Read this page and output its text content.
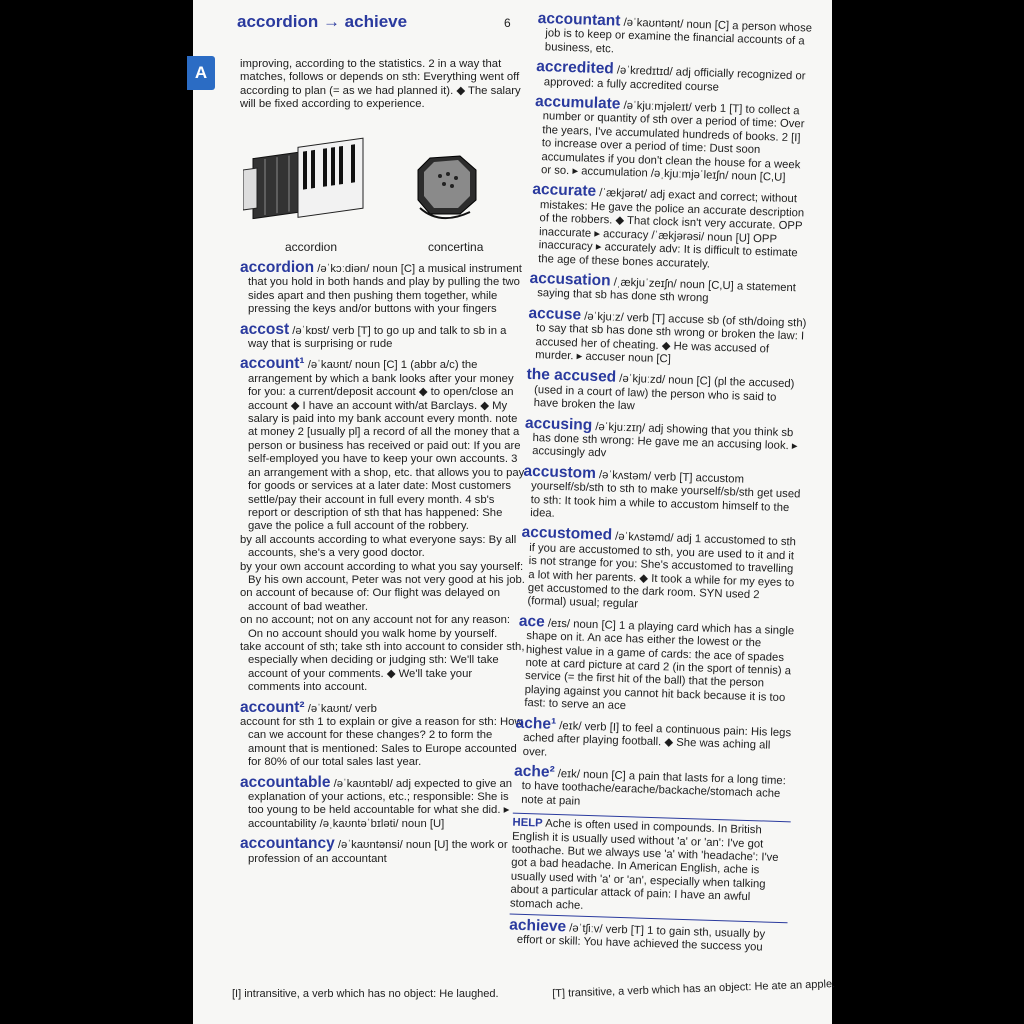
A
accordion → achieve	6
improving, according to the statistics. 2 in a way that matches, follows or depends on sth: Everything went off according to plan (= as we had planned it). ◆ The salary will be fixed according to experience.
accordion	concertina
accordion /əˈkɔːdiən/ noun [C] a musical instrument that you hold in both hands and play by pulling the two sides apart and then pushing them together, while pressing the keys and/or buttons with your fingers
accost /əˈkɒst/ verb [T] to go up and talk to sb in a way that is surprising or rude
account¹ /əˈkaʊnt/ noun [C] 1 (abbr a/c) the arrangement by which a bank looks after your money for you: a current/deposit account ◆ to open/close an account ◆ I have an account with/at Barclays. ◆ My salary is paid into my bank account every month. note at money 2 [usually pl] a record of all the money that a person or business has received or paid out: If you are self-employed you have to keep your own accounts. 3 an arrangement with a shop, etc. that allows you to pay for goods or services at a later date: Most customers settle/pay their account in full every month. 4 sb's report or description of sth that has happened: She gave the police a full account of the robbery.
by all accounts according to what everyone says: By all accounts, she's a very good doctor.
by your own account according to what you say yourself: By his own account, Peter was not very good at his job.
on account of because of: Our flight was delayed on account of bad weather.
on no account; not on any account not for any reason: On no account should you walk home by yourself.
take account of sth; take sth into account to consider sth, especially when deciding or judging sth: We'll take account of your comments. ◆ We'll take your comments into account.
account² /əˈkaʊnt/ verb
account for sth 1 to explain or give a reason for sth: How can we account for these changes? 2 to form the amount that is mentioned: Sales to Europe accounted for 80% of our total sales last year.
accountable /əˈkaʊntəbl/ adj expected to give an explanation of your actions, etc.; responsible: She is too young to be held accountable for what she did. ▸ accountability /əˌkaʊntəˈbɪləti/ noun [U]
accountancy /əˈkaʊntənsi/ noun [U] the work or profession of an accountant
accountant /əˈkaʊntənt/ noun [C] a person whose job is to keep or examine the financial accounts of a business, etc.
accredited /əˈkredɪtɪd/ adj officially recognized or approved: a fully accredited course
accumulate /əˈkjuːmjəleɪt/ verb 1 [T] to collect a number or quantity of sth over a period of time: Over the years, I've accumulated hundreds of books. 2 [I] to increase over a period of time: Dust soon accumulates if you don't clean the house for a week or so. ▸ accumulation /əˌkjuːmjəˈleɪʃn/ noun [C,U]
accurate /ˈækjərət/ adj exact and correct; without mistakes: He gave the police an accurate description of the robbers. ◆ That clock isn't very accurate. OPP inaccurate ▸ accuracy /ˈækjərəsi/ noun [U] OPP inaccuracy ▸ accurately adv: It is difficult to estimate the age of these bones accurately.
accusation /ˌækjuˈzeɪʃn/ noun [C,U] a statement saying that sb has done sth wrong
accuse /əˈkjuːz/ verb [T] accuse sb (of sth/doing sth) to say that sb has done sth wrong or broken the law: I accused her of cheating. ◆ He was accused of murder. ▸ accuser noun [C]
the accused /əˈkjuːzd/ noun [C] (pl the accused) (used in a court of law) the person who is said to have broken the law
accusing /əˈkjuːzɪŋ/ adj showing that you think sb has done sth wrong: He gave me an accusing look. ▸ accusingly adv
accustom /əˈkʌstəm/ verb [T] accustom yourself/sb/sth to sth to make yourself/sb/sth get used to sth: It took him a while to accustom himself to the idea.
accustomed /əˈkʌstəmd/ adj 1 accustomed to sth if you are accustomed to sth, you are used to it and it is not strange for you: She's accustomed to travelling a lot with her parents. ◆ It took a while for my eyes to get accustomed to the dark room. SYN used 2 (formal) usual; regular
ace /eɪs/ noun [C] 1 a playing card which has a single shape on it. An ace has either the lowest or the highest value in a game of cards: the ace of spades note at card picture at card 2 (in the sport of tennis) a service (= the first hit of the ball) that the person playing against you cannot hit back because it is too fast: to serve an ace
ache¹ /eɪk/ verb [I] to feel a continuous pain: His legs ached after playing football. ◆ She was aching all over.
ache² /eɪk/ noun [C] a pain that lasts for a long time: to have toothache/earache/backache/stomach ache note at pain
HELP Ache is often used in compounds. In British English it is usually used without 'a' or 'an': I've got toothache. But we always use 'a' with 'headache': I've got a bad headache. In American English, ache is usually used with 'a' or 'an', especially when talking about a particular attack of pain: I have an awful stomach ache.
achieve /əˈtʃiːv/ verb [T] 1 to gain sth, usually by effort or skill: You have achieved the success you
[I] intransitive, a verb which has no object: He laughed.	[T] transitive, a verb which has an object: He ate an apple.
